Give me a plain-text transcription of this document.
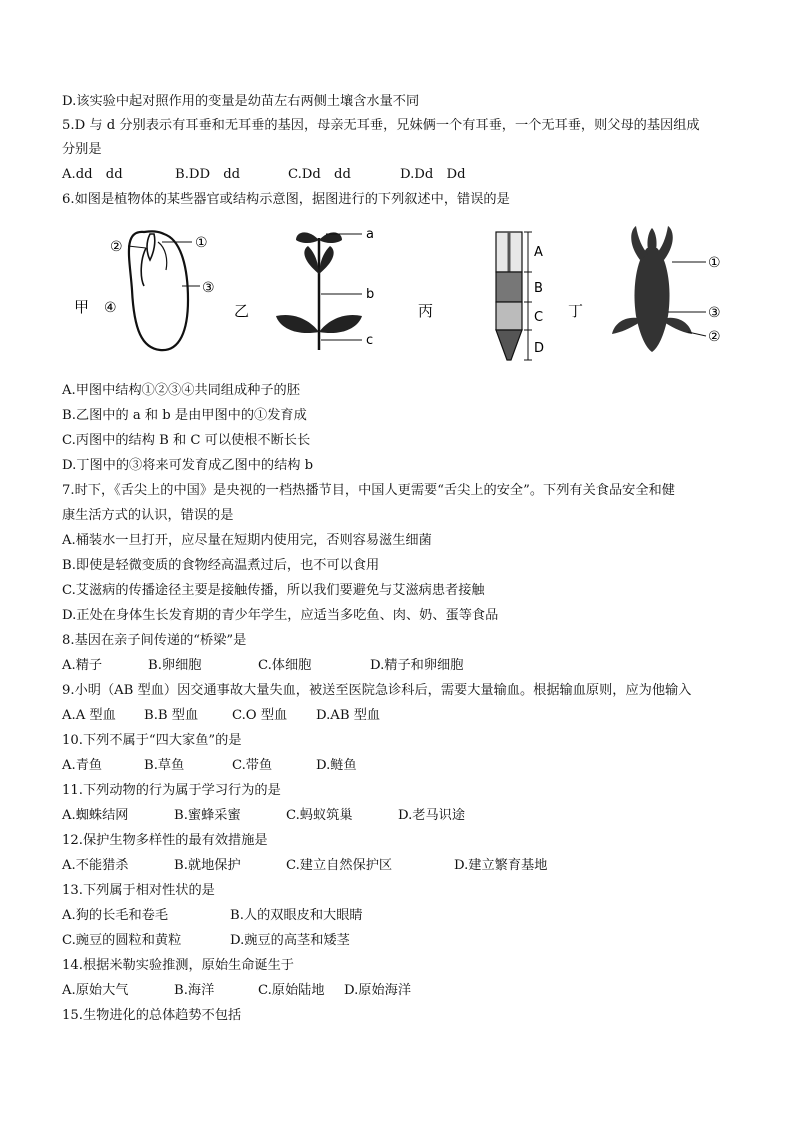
D.该实验中起对照作用的变量是幼苗左右两侧土壤含水量不同
5.D 与 d 分别表示有耳垂和无耳垂的基因，母亲无耳垂，兄妹俩一个有耳垂，一个无耳垂，则父母的基因组成
分别是
A.dd　dd	B.DD　dd	C.Dd　dd	D.Dd　Dd
6.如图是植物体的某些器官或结构示意图，据图进行的下列叙述中，错误的是
甲
②	①
③
④	乙
a
b
c
丙
A
B
C
D
丁
①
③
②
A.甲图中结构①②③④共同组成种子的胚
B.乙图中的 a 和 b 是由甲图中的①发育成
C.丙图中的结构 B 和 C 可以使根不断长长
D.丁图中的③将来可发育成乙图中的结构 b
7.时下，《舌尖上的中国》是央视的一档热播节目，中国人更需要“舌尖上的安全”。下列有关食品安全和健
康生活方式的认识，错误的是
A.桶装水一旦打开，应尽量在短期内使用完，否则容易滋生细菌
B.即使是轻微变质的食物经高温煮过后，也不可以食用
C.艾滋病的传播途径主要是接触传播，所以我们要避免与艾滋病患者接触
D.正处在身体生长发育期的青少年学生，应适当多吃鱼、肉、奶、蛋等食品
8.基因在亲子间传递的“桥梁”是
A.精子	B.卵细胞	C.体细胞	D.精子和卵细胞
9.小明（AB 型血）因交通事故大量失血，被送至医院急诊科后，需要大量输血。根据输血原则，应为他输入
A.A 型血 B.B 型血	C.O 型血 D.AB 型血
10.下列不属于“四大家鱼”的是
A.青鱼	B.草鱼	C.带鱼	D.鲢鱼
11.下列动物的行为属于学习行为的是
A.蜘蛛结网	B.蜜蜂采蜜	C.蚂蚁筑巢	D.老马识途
12.保护生物多样性的最有效措施是
A.不能猎杀	B.就地保护	C.建立自然保护区	D.建立繁育基地
13.下列属于相对性状的是
A.狗的长毛和卷毛	B.人的双眼皮和大眼睛
C.豌豆的圆粒和黄粒	D.豌豆的高茎和矮茎
14.根据米勒实验推测，原始生命诞生于
A.原始大气	B.海洋	C.原始陆地 D.原始海洋
15.生物进化的总体趋势不包括
